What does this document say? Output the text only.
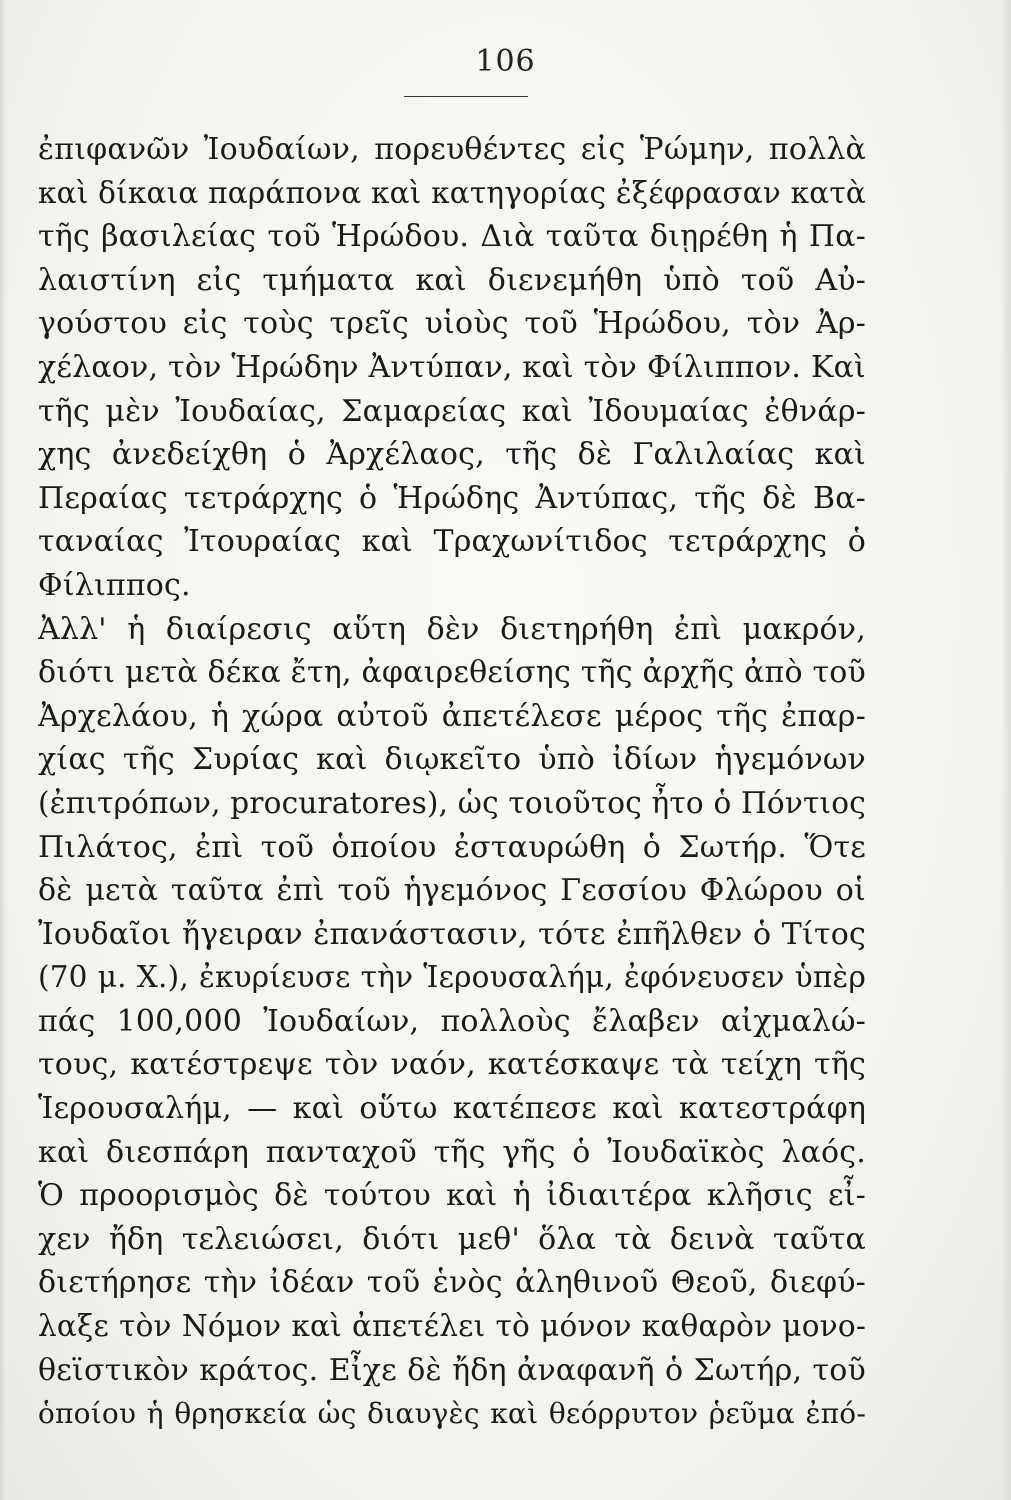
106
ἐπιφανῶν Ἰουδαίων, πορευθέντες εἰς Ῥώμην, πολλὰ
καὶ δίκαια παράπονα καὶ κατηγορίας ἐξέφρασαν κατὰ
τῆς βασιλείας τοῦ Ἡρώδου. Διὰ ταῦτα διῃρέθη ἡ Πα-
λαιστίνη εἰς τμήματα καὶ διενεμήθη ὑπὸ τοῦ Αὐ-
γούστου εἰς τοὺς τρεῖς υἱοὺς τοῦ Ἡρώδου, τὸν Ἀρ-
χέλαον, τὸν Ἡρώδην Ἀντύπαν, καὶ τὸν Φίλιππον. Καὶ
τῆς μὲν Ἰουδαίας, Σαμαρείας καὶ Ἰδουμαίας ἐθνάρ-
χης ἀνεδείχθη ὁ Ἀρχέλαος, τῆς δὲ Γαλιλαίας καὶ
Περαίας τετράρχης ὁ Ἡρώδης Ἀντύπας, τῆς δὲ Βα-
ταναίας Ἰτουραίας καὶ Τραχωνίτιδος τετράρχης ὁ
Φίλιππος.
Ἀλλ' ἡ διαίρεσις αὕτη δὲν διετηρήθη ἐπὶ μακρόν,
διότι μετὰ δέκα ἔτη, ἀφαιρεθείσης τῆς ἀρχῆς ἀπὸ τοῦ
Ἀρχελάου, ἡ χώρα αὐτοῦ ἀπετέλεσε μέρος τῆς ἐπαρ-
χίας τῆς Συρίας καὶ διῳκεῖτο ὑπὸ ἰδίων ἡγεμόνων
(ἐπιτρόπων, procuratores), ὡς τοιοῦτος ἦτο ὁ Πόντιος
Πιλάτος, ἐπὶ τοῦ ὁποίου ἐσταυρώθη ὁ Σωτήρ. Ὅτε
δὲ μετὰ ταῦτα ἐπὶ τοῦ ἡγεμόνος Γεσσίου Φλώρου οἱ
Ἰουδαῖοι ἤγειραν ἐπανάστασιν, τότε ἐπῆλθεν ὁ Τίτος
(70 μ. Χ.), ἐκυρίευσε τὴν Ἱερουσαλήμ, ἐφόνευσεν ὑπὲρ
πάς 100,000 Ἰουδαίων, πολλοὺς ἔλαβεν αἰχμαλώ-
τους, κατέστρεψε τὸν ναόν, κατέσκαψε τὰ τείχη τῆς
Ἱερουσαλήμ, — καὶ οὕτω κατέπεσε καὶ κατεστράφη
καὶ διεσπάρη πανταχοῦ τῆς γῆς ὁ Ἰουδαϊκὸς λαός.
Ὁ προορισμὸς δὲ τούτου καὶ ἡ ἰδιαιτέρα κλῆσις εἶ-
χεν ἤδη τελειώσει, διότι μεθ' ὅλα τὰ δεινὰ ταῦτα
διετήρησε τὴν ἰδέαν τοῦ ἑνὸς ἀληθινοῦ Θεοῦ, διεφύ-
λαξε τὸν Νόμον καὶ ἀπετέλει τὸ μόνον καθαρὸν μονο-
θεϊστικὸν κράτος. Εἶχε δὲ ἤδη ἀναφανῆ ὁ Σωτήρ, τοῦ
ὁποίου ἡ θρησκεία ὡς διαυγὲς καὶ θεόρρυτον ῥεῦμα ἐπό-
